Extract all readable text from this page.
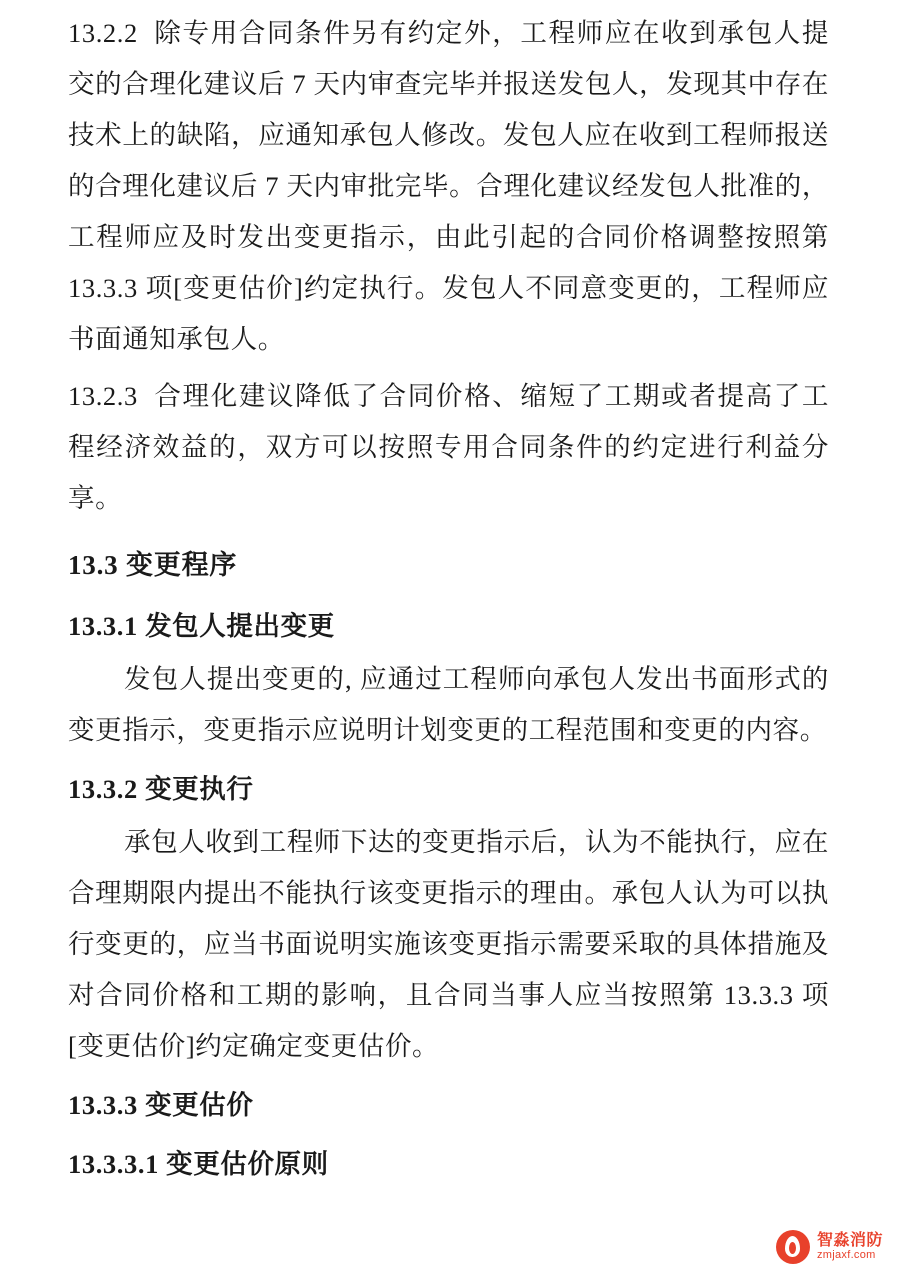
13.2.2  除专用合同条件另有约定外，工程师应在收到承包人提交的合理化建议后 7 天内审查完毕并报送发包人，发现其中存在技术上的缺陷，应通知承包人修改。发包人应在收到工程师报送的合理化建议后 7 天内审批完毕。合理化建议经发包人批准的，工程师应及时发出变更指示，由此引起的合同价格调整按照第 13.3.3 项[变更估价]约定执行。发包人不同意变更的，工程师应书面通知承包人。

13.2.3  合理化建议降低了合同价格、缩短了工期或者提高了工程经济效益的，双方可以按照专用合同条件的约定进行利益分享。

13.3 变更程序
13.3.1 发包人提出变更

发包人提出变更的, 应通过工程师向承包人发出书面形式的变更指示，变更指示应说明计划变更的工程范围和变更的内容。

13.3.2 变更执行

承包人收到工程师下达的变更指示后，认为不能执行，应在合理期限内提出不能执行该变更指示的理由。承包人认为可以执行变更的，应当书面说明实施该变更指示需要采取的具体措施及对合同价格和工期的影响，且合同当事人应当按照第 13.3.3 项[变更估价]约定确定变更估价。

13.3.3 变更估价
13.3.3.1 变更估价原则
智淼消防
zmjaxf.com
